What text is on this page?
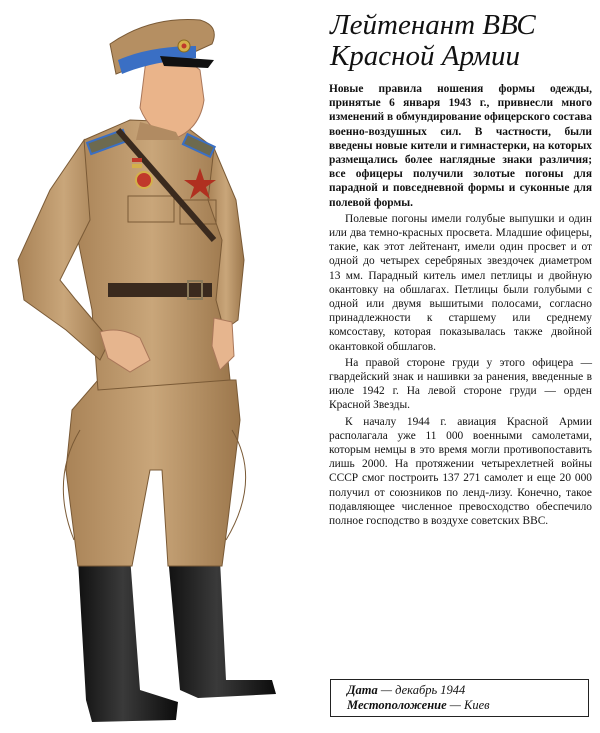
Лейтенант ВВС
Красной Армии

Новые правила ношения формы одежды, принятые 6 января 1943 г., привнесли много изменений в обмундирование офицерского состава военно-воздушных сил. В частности, были введены новые кители и гимнастерки, на которых размещались более наглядные знаки различия; все офицеры получили золотые погоны для парадной и повседневной формы и суконные для полевой формы.

Полевые погоны имели голубые выпушки и один или два темно-красных просвета. Младшие офицеры, такие, как этот лейтенант, имели один просвет и от одной до четырех серебряных звездочек диаметром 13 мм. Парадный китель имел петлицы и двойную окантовку на обшлагах. Петлицы были голубыми с одной или двумя вышитыми полосами, согласно принадлежности к старшему или среднему комсоставу, которая показывалась также двойной окантовкой обшлагов.

На правой стороне груди у этого офицера — гвардейский знак и нашивки за ранения, введенные в июле 1942 г. На левой стороне груди — орден Красной Звезды.

К началу 1944 г. авиация Красной Армии располагала уже 11 000 военными самолетами, которым немцы в это время могли противопоставить лишь 2000. На протяжении четырехлетней войны СССР смог построить 137 271 самолет и еще 20 000 получил от союзников по ленд-лизу. Конечно, такое подавляющее численное превосходство обеспечило полное господство в воздухе советских ВВС.

Дата — декабрь 1944
Местоположение — Киев
